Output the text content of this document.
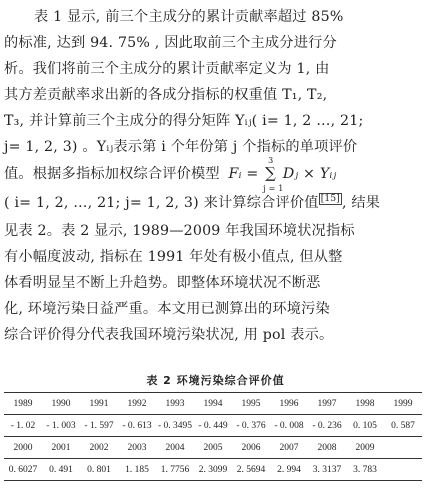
表 1 显示, 前三个主成分的累计贡献率超过 85%
的标准, 达到 94. 75% , 因此取前三个主成分进行分
析。我们将前三个主成分的累计贡献率定义为 1, 由
其方差贡献率求出新的各成分指标的权重值 T₁, T₂,
T₃, 并计算前三个主成分的得分矩阵 Yᵢⱼ( i= 1, 2 …, 21;
j= 1, 2, 3) 。Yᵢⱼ表示第 i 个年份第 j 个指标的单项评价
值。根据多指标加权综合评价模型 Fᵢ = ∑
3
j = 1
Dⱼ × Yᵢⱼ
( i= 1, 2, …, 21; j= 1, 2, 3) 来计算综合评价值 [15] , 结果
见表 2。表 2 显示, 1989—2009 年我国环境状况指标
有小幅度波动, 指标在 1991 年处有极小值点, 但从整
体看明显呈不断上升趋势。即整体环境状况不断恶
化, 环境污染日益严重。本文用已测算出的环境污染
综合评价得分代表我国环境污染状况, 用 pol 表示。
表 2 环境污染综合评价值
1989	1990	1991	1992	1993	1994	1995	1996	1997	1998	1999
- 1. 02	- 1. 003	- 1. 597	- 0. 613	- 0. 3495	- 0. 449	- 0. 376	- 0. 008	- 0. 236	0. 105	0. 587
2000	2001	2002	2003	2004	2005	2006	2007	2008	2009	
0. 6027	0. 491	0. 801	1. 185	1. 7756	2. 3099	2. 5694	2. 994	3. 3137	3. 783	
